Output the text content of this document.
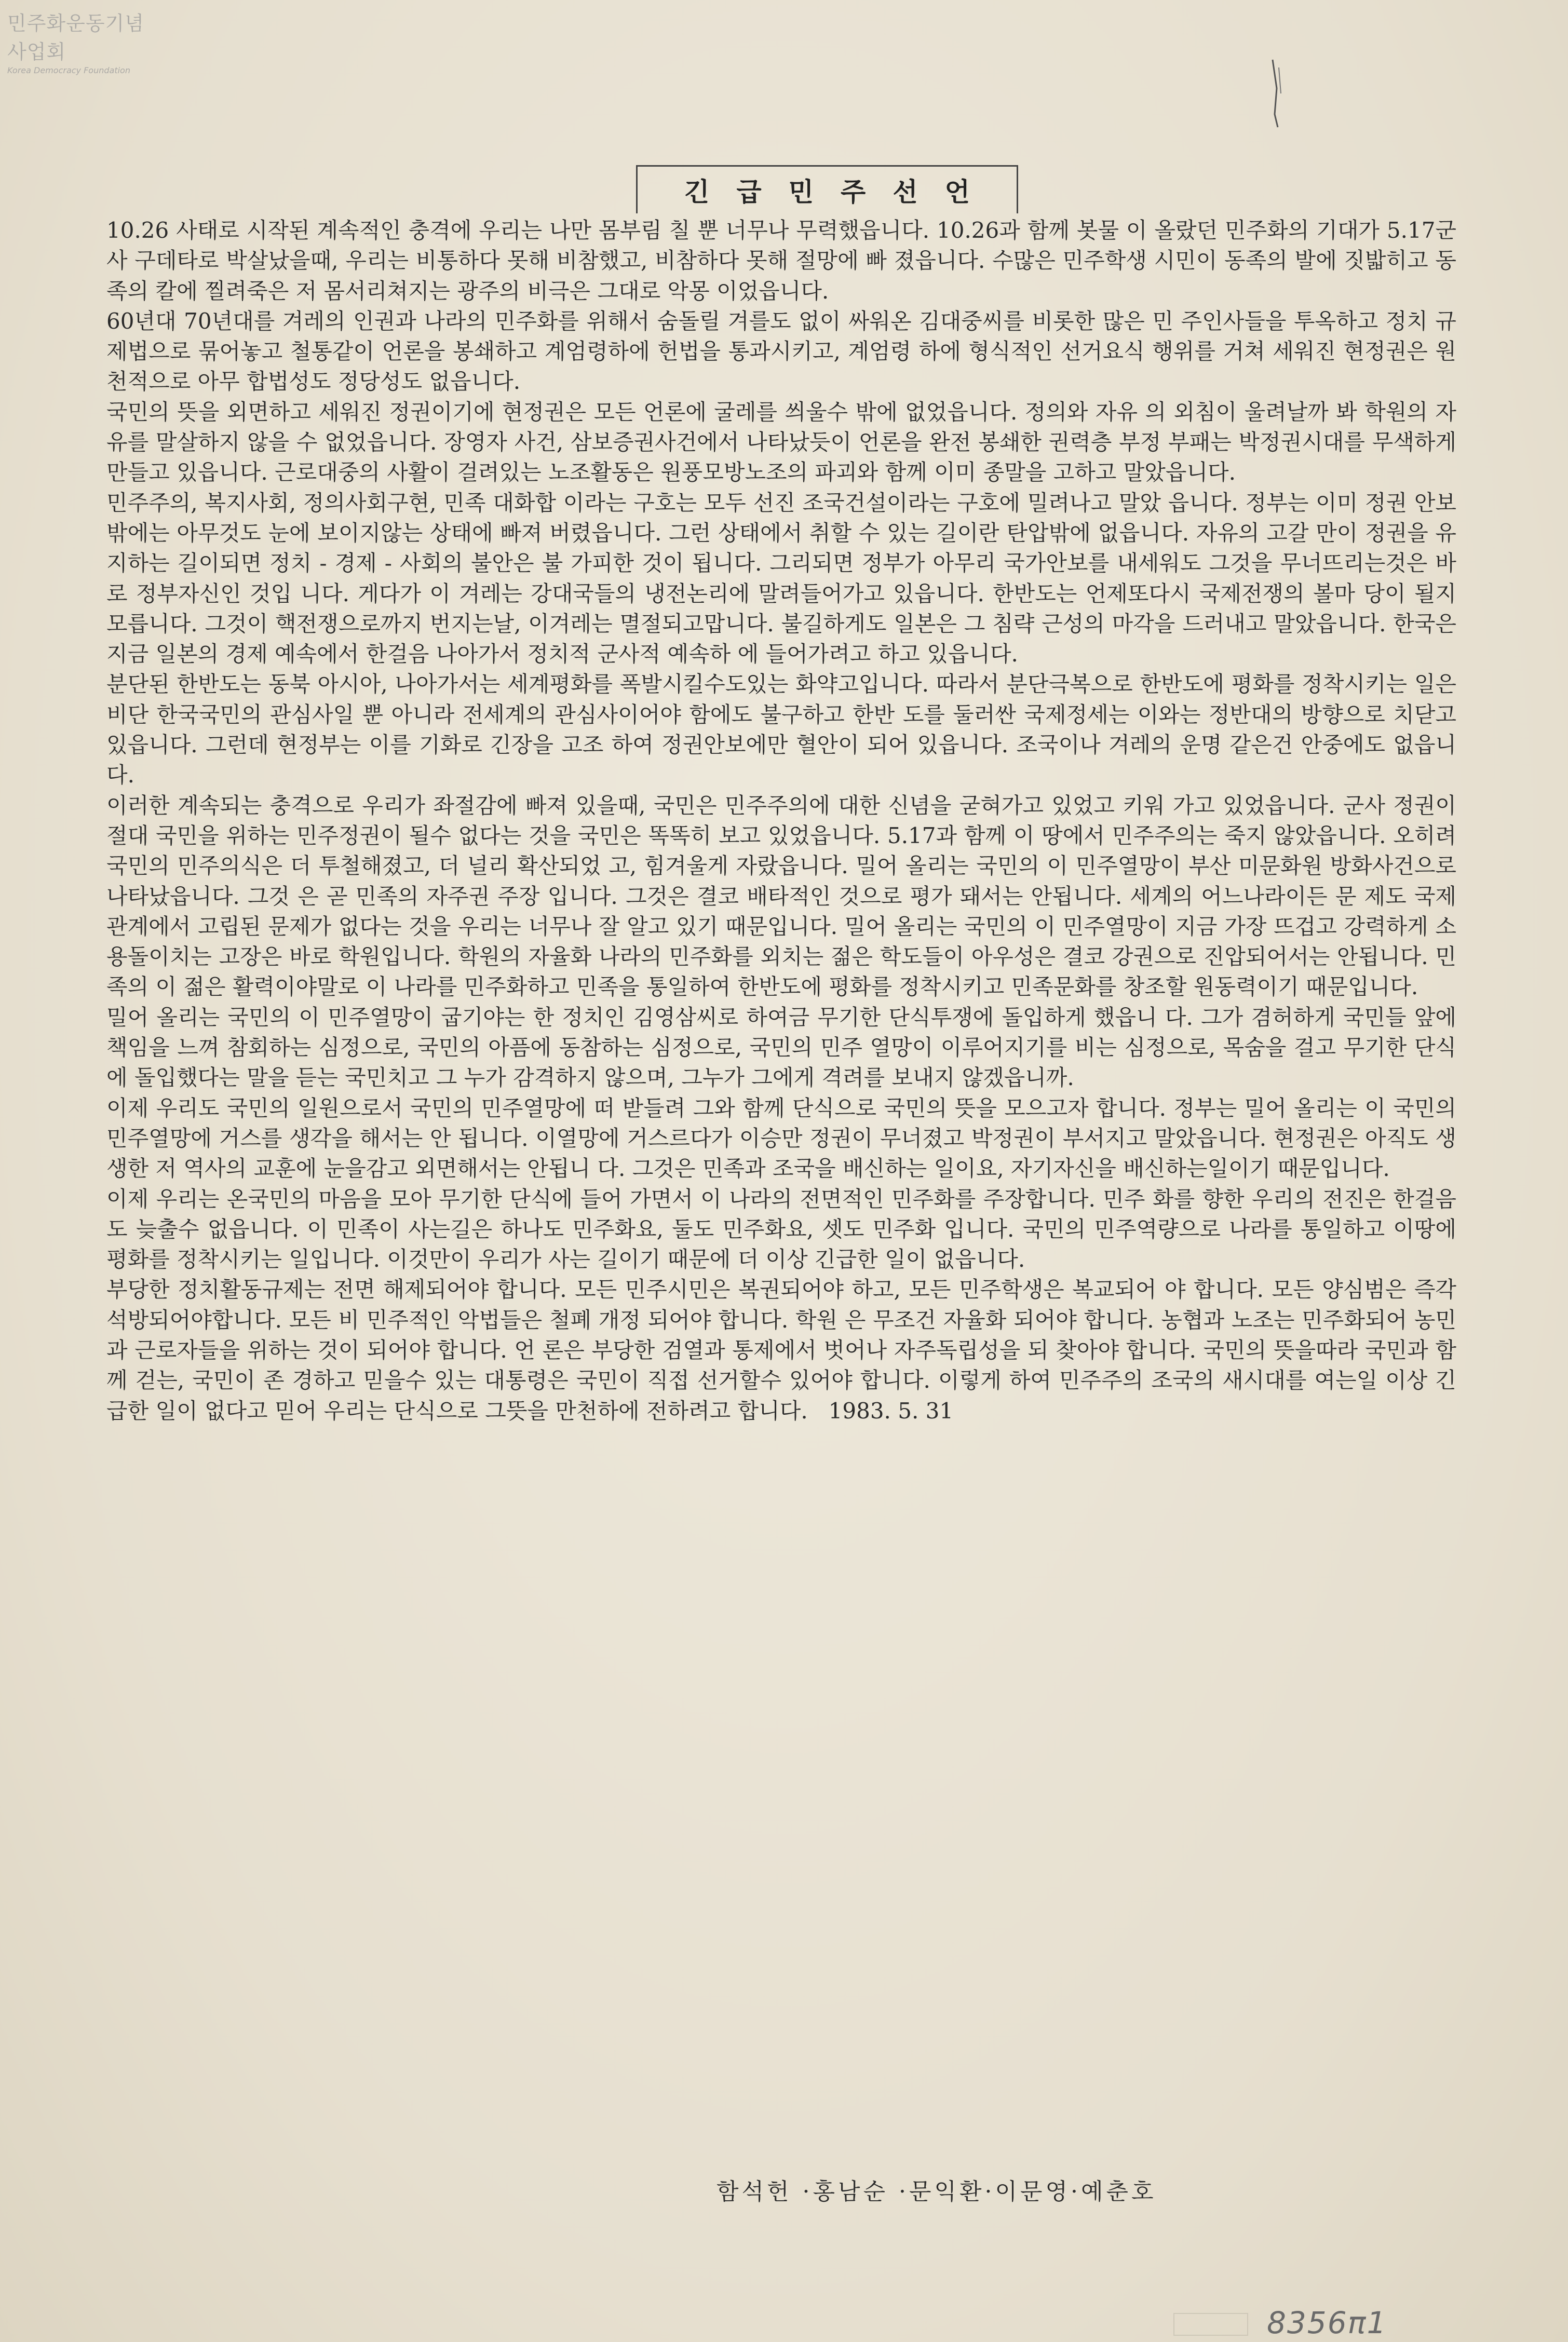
민주화운동기념사업회
Korea Democracy Foundation
긴급민주선언

10.26 사태로 시작된 계속적인 충격에 우리는 나만 몸부림 칠 뿐 너무나 무력했읍니다. 10.26과 함께 봇물 이 올랐던 민주화의 기대가 5.17군사 구데타로 박살났을때, 우리는 비통하다 못해 비참했고, 비참하다 못해 절망에 빠 졌읍니다. 수많은 민주학생 시민이 동족의 발에 짓밟히고 동족의 칼에 찔려죽은 저 몸서리쳐지는 광주의 비극은 그대로 악몽 이었읍니다.

60년대 70년대를 겨레의 인권과 나라의 민주화를 위해서 숨돌릴 겨를도 없이 싸워온 김대중씨를 비롯한 많은 민 주인사들을 투옥하고 정치 규제법으로 묶어놓고 철통같이 언론을 봉쇄하고 계엄령하에 헌법을 통과시키고, 계엄령 하에 형식적인 선거요식 행위를 거쳐 세워진 현정권은 원천적으로 아무 합법성도 정당성도 없읍니다.

국민의 뜻을 외면하고 세워진 정권이기에 현정권은 모든 언론에 굴레를 씌울수 밖에 없었읍니다. 정의와 자유 의 외침이 울려날까 봐 학원의 자유를 말살하지 않을 수 없었읍니다. 장영자 사건, 삼보증권사건에서 나타났듯이 언론을 완전 봉쇄한 권력층 부정 부패는 박정권시대를 무색하게 만들고 있읍니다. 근로대중의 사활이 걸려있는 노조활동은 원풍모방노조의 파괴와 함께 이미 종말을 고하고 말았읍니다.

민주주의, 복지사회, 정의사회구현, 민족 대화합 이라는 구호는 모두 선진 조국건설이라는 구호에 밀려나고 말았 읍니다. 정부는 이미 정권 안보 밖에는 아무것도 눈에 보이지않는 상태에 빠져 버렸읍니다. 그런 상태에서 취할 수 있는 길이란 탄압밖에 없읍니다. 자유의 고갈 만이 정권을 유지하는 길이되면 정치 - 경제 - 사회의 불안은 불 가피한 것이 됩니다. 그리되면 정부가 아무리 국가안보를 내세워도 그것을 무너뜨리는것은 바로 정부자신인 것입 니다. 게다가 이 겨레는 강대국들의 냉전논리에 말려들어가고 있읍니다. 한반도는 언제또다시 국제전쟁의 볼마 당이 될지 모릅니다. 그것이 핵전쟁으로까지 번지는날, 이겨레는 멸절되고맙니다. 불길하게도 일본은 그 침략 근성의 마각을 드러내고 말았읍니다. 한국은 지금 일본의 경제 예속에서 한걸음 나아가서 정치적 군사적 예속하 에 들어가려고 하고 있읍니다.

분단된 한반도는 동북 아시아, 나아가서는 세계평화를 폭발시킬수도있는 화약고입니다. 따라서 분단극복으로 한반도에 평화를 정착시키는 일은 비단 한국국민의 관심사일 뿐 아니라 전세계의 관심사이어야 함에도 불구하고 한반 도를 둘러싼 국제정세는 이와는 정반대의 방향으로 치닫고 있읍니다. 그런데 현정부는 이를 기화로 긴장을 고조 하여 정권안보에만 혈안이 되어 있읍니다. 조국이나 겨레의 운명 같은건 안중에도 없읍니다.

이러한 계속되는 충격으로 우리가 좌절감에 빠져 있을때, 국민은 민주주의에 대한 신념을 굳혀가고 있었고 키워 가고 있었읍니다. 군사 정권이 절대 국민을 위하는 민주정권이 될수 없다는 것을 국민은 똑똑히 보고 있었읍니다. 5.17과 함께 이 땅에서 민주주의는 죽지 않았읍니다. 오히려 국민의 민주의식은 더 투철해졌고, 더 널리 확산되었 고, 힘겨울게 자랐읍니다. 밀어 올리는 국민의 이 민주열망이 부산 미문화원 방화사건으로 나타났읍니다. 그것 은 곧 민족의 자주권 주장 입니다. 그것은 결코 배타적인 것으로 평가 돼서는 안됩니다. 세계의 어느나라이든 문 제도 국제관계에서 고립된 문제가 없다는 것을 우리는 너무나 잘 알고 있기 때문입니다. 밀어 올리는 국민의 이 민주열망이 지금 가장 뜨겁고 강력하게 소용돌이치는 고장은 바로 학원입니다. 학원의 자율화 나라의 민주화를 외치는 젊은 학도들이 아우성은 결코 강권으로 진압되어서는 안됩니다. 민족의 이 젊은 활력이야말로 이 나라를 민주화하고 민족을 통일하여 한반도에 평화를 정착시키고 민족문화를 창조할 원동력이기 때문입니다.

밀어 올리는 국민의 이 민주열망이 굽기야는 한 정치인 김영삼씨로 하여금 무기한 단식투쟁에 돌입하게 했읍니 다. 그가 겸허하게 국민들 앞에 책임을 느껴 참회하는 심정으로, 국민의 아픔에 동참하는 심정으로, 국민의 민주 열망이 이루어지기를 비는 심정으로, 목숨을 걸고 무기한 단식에 돌입했다는 말을 듣는 국민치고 그 누가 감격하지 않으며, 그누가 그에게 격려를 보내지 않겠읍니까.

이제 우리도 국민의 일원으로서 국민의 민주열망에 떠 받들려 그와 함께 단식으로 국민의 뜻을 모으고자 합니다. 정부는 밀어 올리는 이 국민의 민주열망에 거스를 생각을 해서는 안 됩니다. 이열망에 거스르다가 이승만 정권이 무너졌고 박정권이 부서지고 말았읍니다. 현정권은 아직도 생생한 저 역사의 교훈에 눈을감고 외면해서는 안됩니 다. 그것은 민족과 조국을 배신하는 일이요, 자기자신을 배신하는일이기 때문입니다.

이제 우리는 온국민의 마음을 모아 무기한 단식에 들어 가면서 이 나라의 전면적인 민주화를 주장합니다. 민주 화를 향한 우리의 전진은 한걸음도 늦출수 없읍니다. 이 민족이 사는길은 하나도 민주화요, 둘도 민주화요, 셋도 민주화 입니다. 국민의 민주역량으로 나라를 통일하고 이땅에 평화를 정착시키는 일입니다. 이것만이 우리가 사는 길이기 때문에 더 이상 긴급한 일이 없읍니다.

부당한 정치활동규제는 전면 해제되어야 합니다. 모든 민주시민은 복권되어야 하고, 모든 민주학생은 복교되어 야 합니다. 모든 양심범은 즉각석방되어야합니다. 모든 비 민주적인 악법들은 철폐 개정 되어야 합니다. 학원 은 무조건 자율화 되어야 합니다. 농협과 노조는 민주화되어 농민과 근로자들을 위하는 것이 되어야 합니다. 언 론은 부당한 검열과 통제에서 벗어나 자주독립성을 되 찾아야 합니다. 국민의 뜻을따라 국민과 함께 걷는, 국민이 존 경하고 믿을수 있는 대통령은 국민이 직접 선거할수 있어야 합니다. 이렇게 하여 민주주의 조국의 새시대를 여는일 이상 긴급한 일이 없다고 믿어 우리는 단식으로 그뜻을 만천하에 전하려고 합니다. 1983. 5. 31

함석헌 ·홍남순 ·문익환·이문영·예춘호
8356π1
